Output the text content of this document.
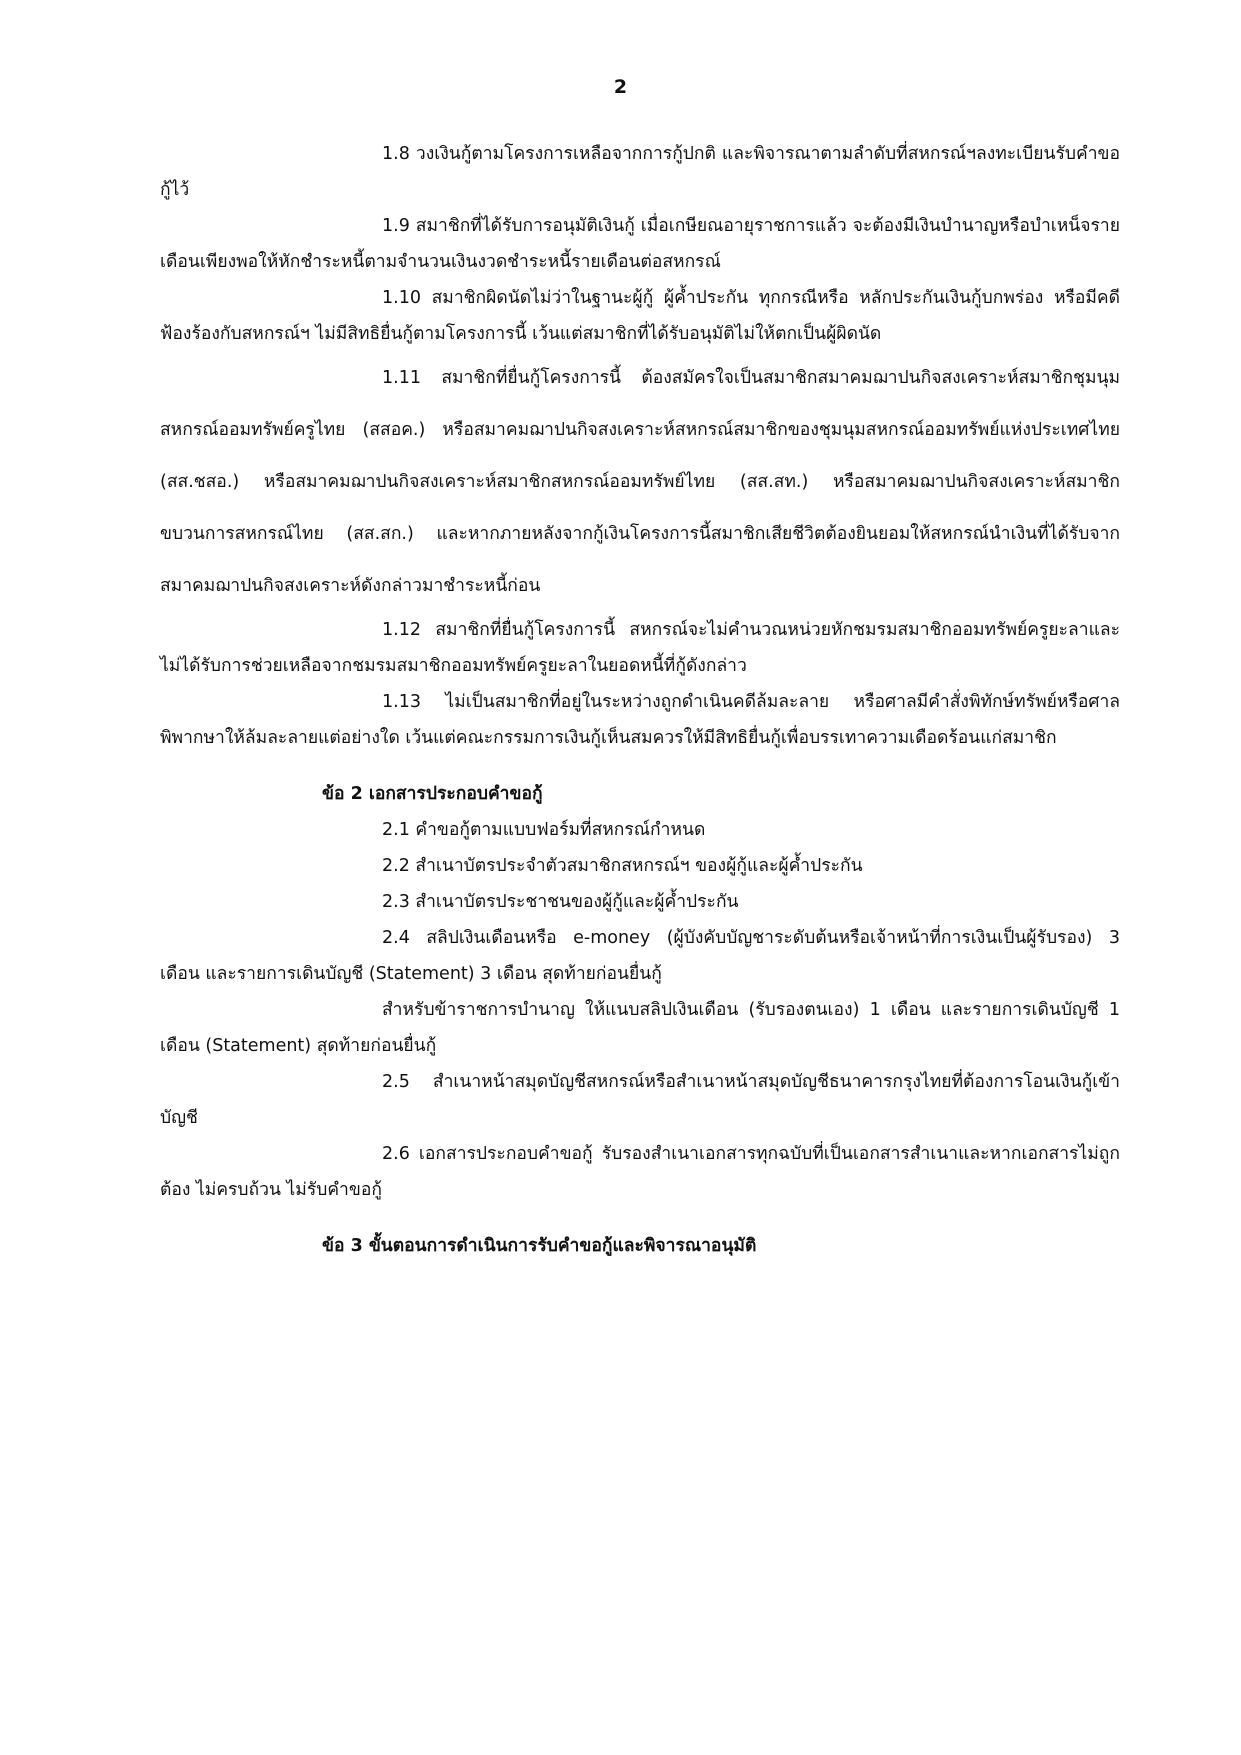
2

1.8 วงเงินกู้ตามโครงการเหลือจากการกู้ปกติ และพิจารณาตามลำดับที่สหกรณ์ฯลงทะเบียนรับคำขอกู้ไว้

1.9 สมาชิกที่ได้รับการอนุมัติเงินกู้ เมื่อเกษียณอายุราชการแล้ว จะต้องมีเงินบำนาญหรือบำเหน็จรายเดือนเพียงพอให้หักชำระหนี้ตามจำนวนเงินงวดชำระหนี้รายเดือนต่อสหกรณ์

1.10 สมาชิกผิดนัดไม่ว่าในฐานะผู้กู้ ผู้ค้ำประกัน ทุกกรณีหรือ หลักประกันเงินกู้บกพร่อง หรือมีคดีฟ้องร้องกับสหกรณ์ฯ ไม่มีสิทธิยื่นกู้ตามโครงการนี้ เว้นแต่สมาชิกที่ได้รับอนุมัติไม่ให้ตกเป็นผู้ผิดนัด

1.11 สมาชิกที่ยื่นกู้โครงการนี้ ต้องสมัครใจเป็นสมาชิกสมาคมฌาปนกิจสงเคราะห์สมาชิกชุมนุมสหกรณ์ออมทรัพย์ครูไทย (สสอค.) หรือสมาคมฌาปนกิจสงเคราะห์สหกรณ์สมาชิกของชุมนุมสหกรณ์ออมทรัพย์แห่งประเทศไทย (สส.ชสอ.) หรือสมาคมฌาปนกิจสงเคราะห์สมาชิกสหกรณ์ออมทรัพย์ไทย (สส.สท.) หรือสมาคมฌาปนกิจสงเคราะห์สมาชิกขบวนการสหกรณ์ไทย (สส.สก.) และหากภายหลังจากกู้เงินโครงการนี้สมาชิกเสียชีวิตต้องยินยอมให้สหกรณ์นำเงินที่ได้รับจากสมาคมฌาปนกิจสงเคราะห์ดังกล่าวมาชำระหนี้ก่อน

1.12 สมาชิกที่ยื่นกู้โครงการนี้ สหกรณ์จะไม่คำนวณหน่วยหักชมรมสมาชิกออมทรัพย์ครูยะลาและไม่ได้รับการช่วยเหลือจากชมรมสมาชิกออมทรัพย์ครูยะลาในยอดหนี้ที่กู้ดังกล่าว

1.13 ไม่เป็นสมาชิกที่อยู่ในระหว่างถูกดำเนินคดีล้มละลาย หรือศาลมีคำสั่งพิทักษ์ทรัพย์หรือศาลพิพากษาให้ล้มละลายแต่อย่างใด เว้นแต่คณะกรรมการเงินกู้เห็นสมควรให้มีสิทธิยื่นกู้เพื่อบรรเทาความเดือดร้อนแก่สมาชิก

ข้อ 2 เอกสารประกอบคำขอกู้

2.1 คำขอกู้ตามแบบฟอร์มที่สหกรณ์กำหนด

2.2 สำเนาบัตรประจำตัวสมาชิกสหกรณ์ฯ ของผู้กู้และผู้ค้ำประกัน

2.3 สำเนาบัตรประชาชนของผู้กู้และผู้ค้ำประกัน

2.4 สลิปเงินเดือนหรือ e-money (ผู้บังคับบัญชาระดับต้นหรือเจ้าหน้าที่การเงินเป็นผู้รับรอง) 3 เดือน และรายการเดินบัญชี (Statement) 3 เดือน สุดท้ายก่อนยื่นกู้

สำหรับข้าราชการบำนาญ ให้แนบสลิปเงินเดือน (รับรองตนเอง) 1 เดือน และรายการเดินบัญชี 1 เดือน (Statement) สุดท้ายก่อนยื่นกู้

2.5 สำเนาหน้าสมุดบัญชีสหกรณ์หรือสำเนาหน้าสมุดบัญชีธนาคารกรุงไทยที่ต้องการโอนเงินกู้เข้าบัญชี

2.6 เอกสารประกอบคำขอกู้ รับรองสำเนาเอกสารทุกฉบับที่เป็นเอกสารสำเนาและหากเอกสารไม่ถูกต้อง ไม่ครบถ้วน ไม่รับคำขอกู้

ข้อ 3 ขั้นตอนการดำเนินการรับคำขอกู้และพิจารณาอนุมัติ
